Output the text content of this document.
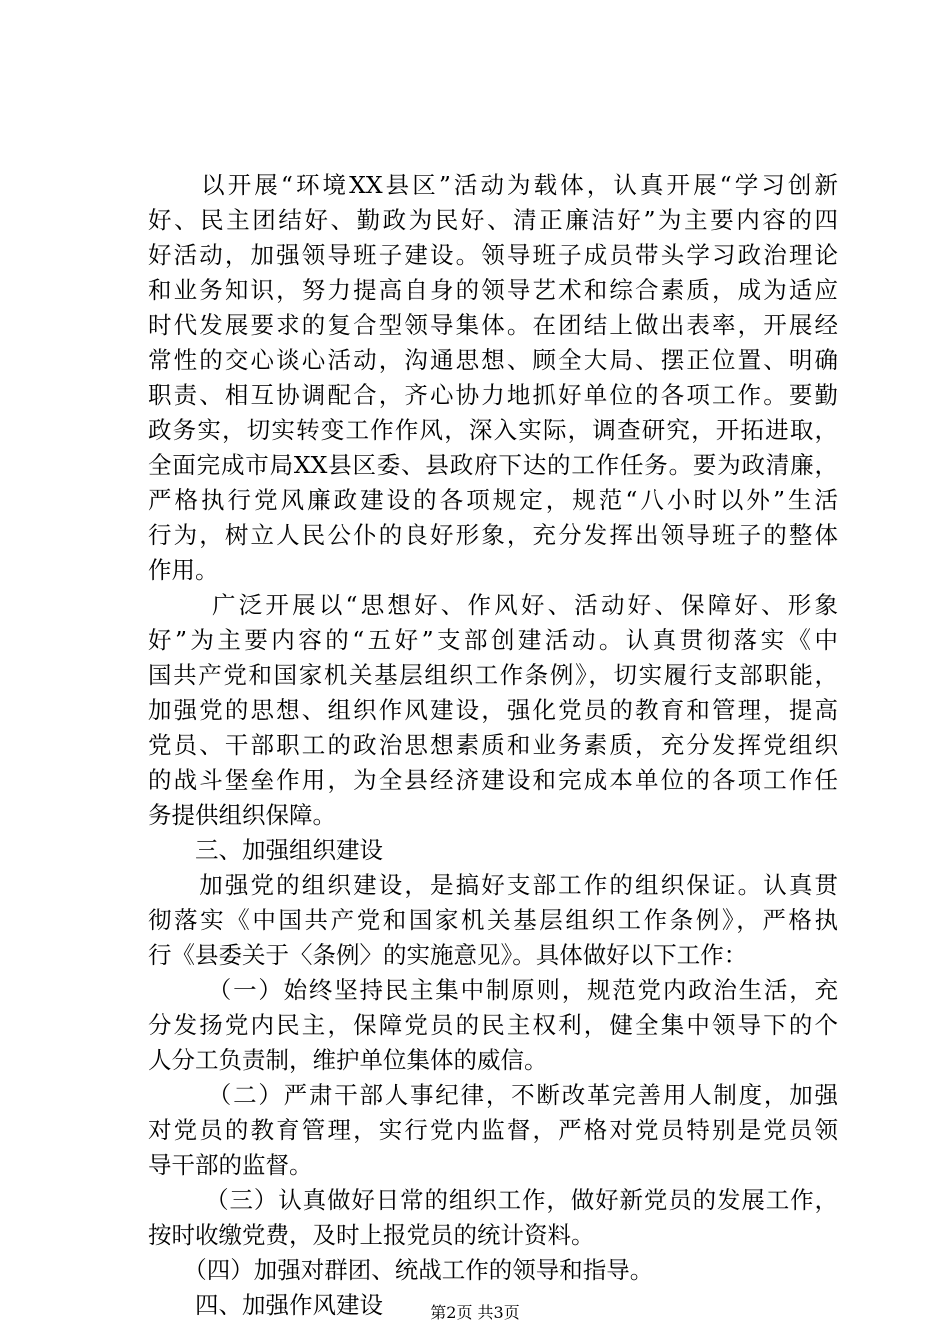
　　以开展“环境XX县区”活动为载体，认真开展“学习创新
好、民主团结好、勤政为民好、清正廉洁好”为主要内容的四
好活动，加强领导班子建设。领导班子成员带头学习政治理论
和业务知识，努力提高自身的领导艺术和综合素质，成为适应
时代发展要求的复合型领导集体。在团结上做出表率，开展经
常性的交心谈心活动，沟通思想、顾全大局、摆正位置、明确
职责、相互协调配合，齐心协力地抓好单位的各项工作。要勤
政务实，切实转变工作作风，深入实际，调查研究，开拓进取，
全面完成市局XX县区委、县政府下达的工作任务。要为政清廉，
严格执行党风廉政建设的各项规定，规范“八小时以外”生活
行为，树立人民公仆的良好形象，充分发挥出领导班子的整体
作用。
　　 广泛开展以“思想好、作风好、活动好、保障好、形象
好”为主要内容的“五好”支部创建活动。认真贯彻落实《中
国共产党和国家机关基层组织工作条例》，切实履行支部职能，
加强党的思想、组织作风建设，强化党员的教育和管理，提高
党员、干部职工的政治思想素质和业务素质，充分发挥党组织
的战斗堡垒作用，为全县经济建设和完成本单位的各项工作任
务提供组织保障。
　　三、加强组织建设
　　加强党的组织建设，是搞好支部工作的组织保证。认真贯
彻落实《中国共产党和国家机关基层组织工作条例》，严格执
行《县委关于〈条例〉的实施意见》。具体做好以下工作：
　　 （一）始终坚持民主集中制原则，规范党内政治生活，充
分发扬党内民主，保障党员的民主权利，健全集中领导下的个
人分工负责制，维护单位集体的威信。
　　 （二）严肃干部人事纪律，不断改革完善用人制度，加强
对党员的教育管理，实行党内监督，严格对党员特别是党员领
导干部的监督。
　　 （三）认真做好日常的组织工作，做好新党员的发展工作，
按时收缴党费，及时上报党员的统计资料。
　　（四）加强对群团、统战工作的领导和指导。
　　四、加强作风建设	第2页 共3页
